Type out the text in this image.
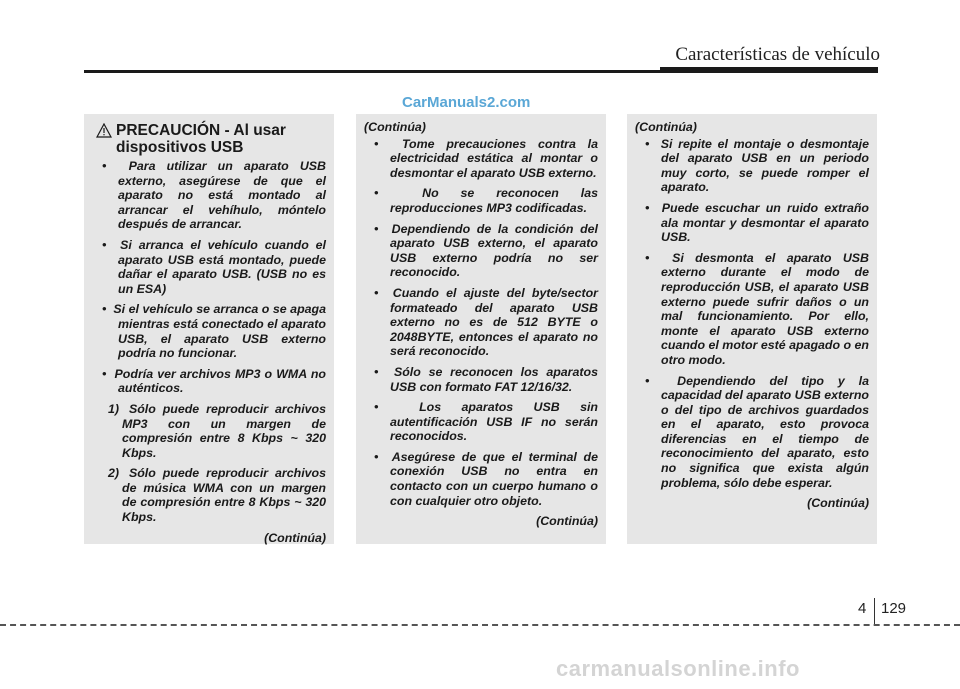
Características de vehículo
CarManuals2.com
PRECAUCIÓN - Al usar dispositivos USB
•  Para utilizar un aparato USB externo, asegúrese de que el aparato no está montado al arrancar el vehíhulo, móntelo después de arrancar.
•  Si arranca el vehículo cuando el aparato USB está montado, puede dañar el aparato USB. (USB no es un ESA)
•  Si el vehículo se arranca o se apaga mientras está conectado el aparato USB, el aparato USB externo podría no funcionar.
•  Podría ver archivos MP3 o WMA no auténticos.
1) Sólo puede reproducir archivos MP3 con un margen de compresión entre 8 Kbps ~ 320 Kbps.
2) Sólo puede reproducir archivos de música WMA con un margen de compresión entre 8 Kbps ~ 320 Kbps.
(Continúa)
(Continúa)
•  Tome precauciones contra la electricidad estática al montar o desmontar el aparato USB externo.
•  No se reconocen las reproducciones MP3 codificadas.
•  Dependiendo de la condición del aparato USB externo, el aparato USB externo podría no ser reconocido.
•  Cuando el ajuste del byte/sector formateado del aparato USB externo no es de 512 BYTE o 2048BYTE, entonces el aparato no será reconocido.
•  Sólo se reconocen los aparatos USB con formato FAT 12/16/32.
•  Los aparatos USB sin autentificación USB IF no serán reconocidos.
•  Asegúrese de que el terminal de conexión USB no entra en contacto con un cuerpo humano o con cualquier otro objeto.
(Continúa)
(Continúa)
•  Si repite el montaje o desmontaje del aparato USB en un periodo muy corto, se puede romper el aparato.
•  Puede escuchar un ruido extraño ala montar y desmontar el aparato USB.
•  Si desmonta el aparato USB externo durante el modo de reproducción USB, el aparato USB externo puede sufrir daños o un mal funcionamiento. Por ello, monte el aparato USB externo cuando el motor esté apagado o en otro modo.
•  Dependiendo del tipo y la capacidad del aparato USB externo o del tipo de archivos guardados en el aparato, esto provoca diferencias en el tiempo de reconocimiento del aparato, esto no significa que exista algún problema, sólo debe esperar.
(Continúa)
4 129
carmanualsonline.info
